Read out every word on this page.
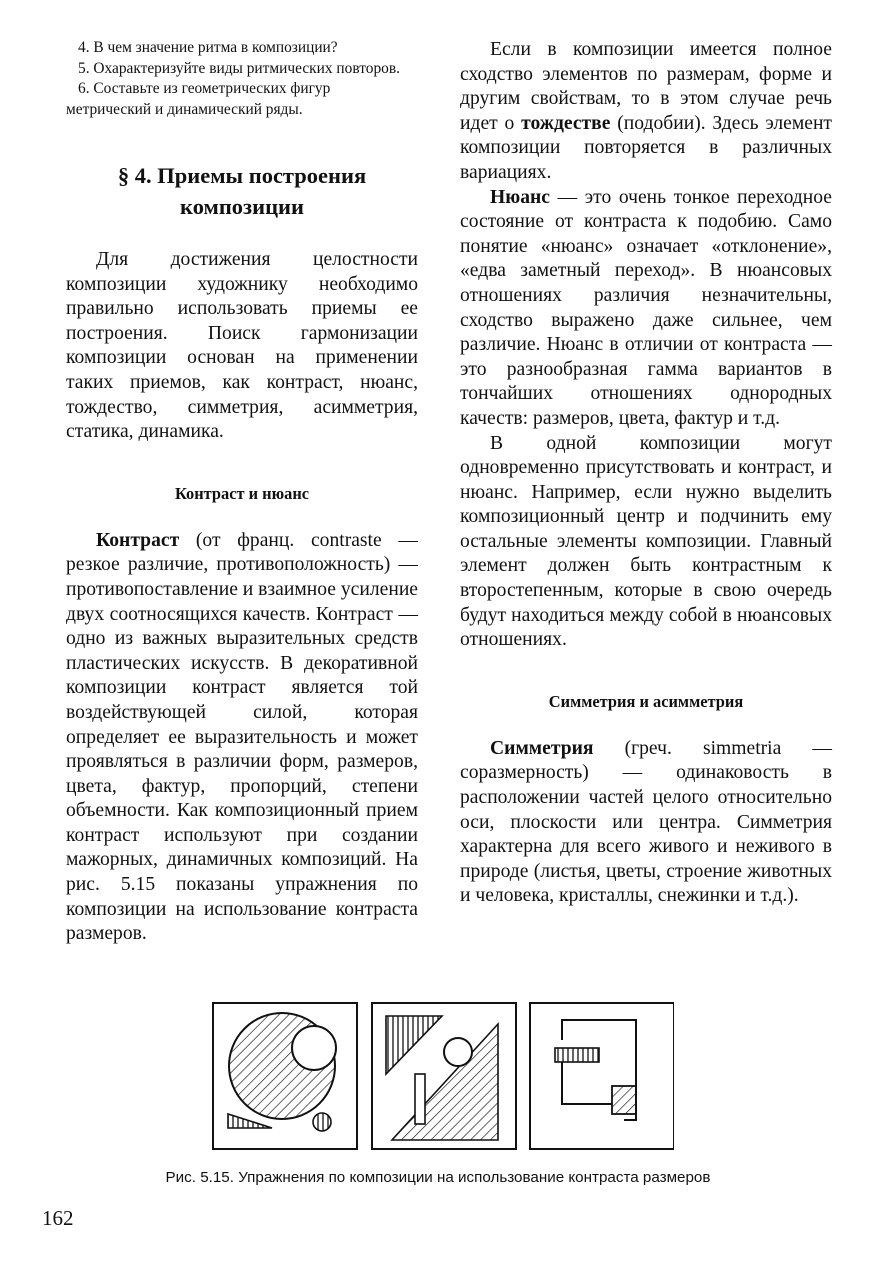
4. В чем значение ритма в композиции?

5. Охарактеризуйте виды ритмических повторов.

6. Составьте из геометрических фигур метрический и динамический ряды.

§ 4. Приемы построения
композиции

Для достижения целостности композиции художнику необходимо правильно использовать приемы ее построения. Поиск гармонизации композиции основан на применении таких приемов, как контраст, нюанс, тождество, симметрия, асимметрия, статика, динамика.

Контраст и нюанс

Контраст (от франц. contraste — резкое различие, противоположность) — противопоставление и взаимное усиление двух соотносящихся качеств. Контраст — одно из важных выразительных средств пластических искусств. В декоративной композиции контраст является той воздействующей силой, которая определяет ее выразительность и может проявляться в различии форм, размеров, цвета, фактур, пропорций, степени объемности. Как композиционный прием контраст используют при создании мажорных, динамичных композиций. На рис. 5.15 показаны упражнения по композиции на использование контраста размеров.

Если в композиции имеется полное сходство элементов по размерам, форме и другим свойствам, то в этом случае речь идет о тождестве (подобии). Здесь элемент композиции повторяется в различных вариациях.

Нюанс — это очень тонкое переходное состояние от контраста к подобию. Само понятие «нюанс» означает «отклонение», «едва заметный переход». В нюансовых отношениях различия незначительны, сходство выражено даже сильнее, чем различие. Нюанс в отличии от контраста — это разнообразная гамма вариантов в тончайших отношениях однородных качеств: размеров, цвета, фактур и т.д.

В одной композиции могут одновременно присутствовать и контраст, и нюанс. Например, если нужно выделить композиционный центр и подчинить ему остальные элементы композиции. Главный элемент должен быть контрастным к второстепенным, которые в свою очередь будут находиться между собой в нюансовых отношениях.

Симметрия и асимметрия

Симметрия (греч. simmetria — соразмерность) — одинаковость в расположении частей целого относительно оси, плоскости или центра. Симметрия характерна для всего живого и неживого в природе (листья, цветы, строение животных и человека, кристаллы, снежинки и т.д.).

Рис. 5.15. Упражнения по композиции на использование контраста размеров
162
